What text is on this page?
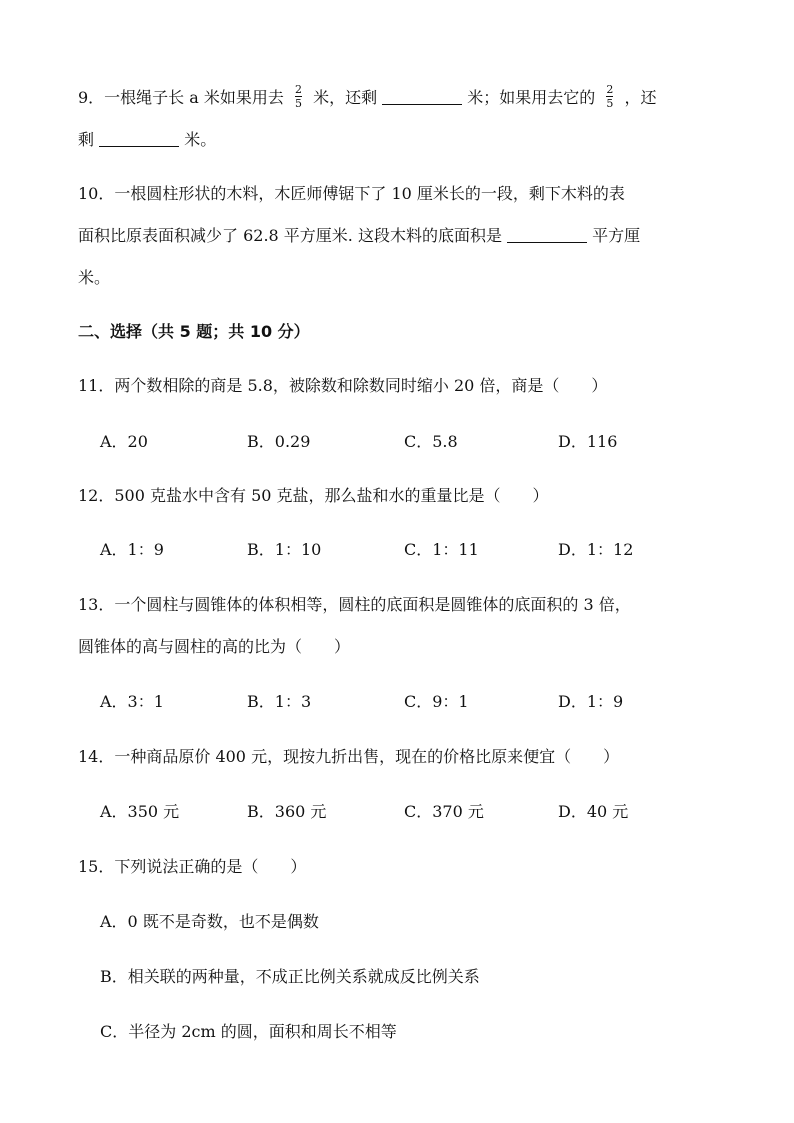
9．一根绳子长 a 米如果用去 $\frac{2}{5}$ 米，还剩	米；如果用去它的 $\frac{2}{5}$ ，还
剩	米。
10．一根圆柱形状的木料，木匠师傅锯下了 10 厘米长的一段，剩下木料的表
面积比原表面积减少了 62.8 平方厘米. 这段木料的底面积是	平方厘
米。
二、选择（共 5 题；共 10 分）
11．两个数相除的商是 5.8，被除数和除数同时缩小 20 倍，商是（　　）
A．20	B．0.29	C．5.8	D．116
12．500 克盐水中含有 50 克盐，那么盐和水的重量比是（　　）
A．1：9	B．1：10	C．1：11	D．1：12
13．一个圆柱与圆锥体的体积相等，圆柱的底面积是圆锥体的底面积的 3 倍，
圆锥体的高与圆柱的高的比为（　　）
A．3：1	B．1：3	C．9：1	D．1：9
14．一种商品原价 400 元，现按九折出售，现在的价格比原来便宜（　　）
A．350 元	B．360 元	C．370 元	D．40 元
15．下列说法正确的是（　　）
A．0 既不是奇数，也不是偶数
B．相关联的两种量，不成正比例关系就成反比例关系
C．半径为 2cm 的圆，面积和周长不相等
